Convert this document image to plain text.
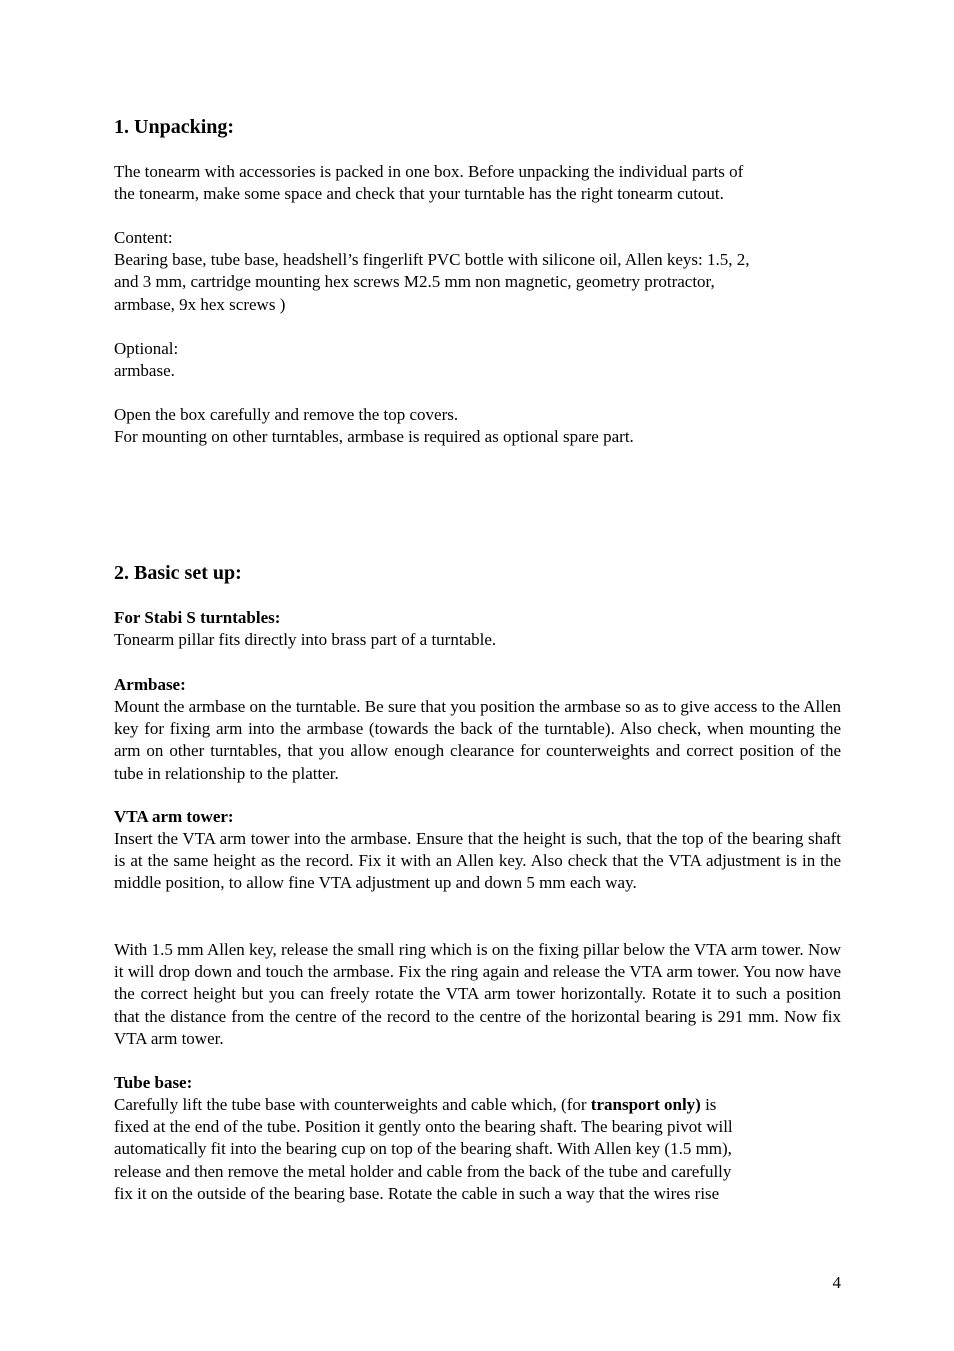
1. Unpacking:

The tonearm with accessories is packed in one box. Before unpacking the individual parts of
the tonearm, make some space and check that your turntable has the right tonearm cutout.

Content:
Bearing base, tube base, headshell’s fingerlift PVC bottle with silicone oil, Allen keys: 1.5, 2,
and 3 mm, cartridge mounting hex screws M2.5 mm non magnetic, geometry protractor,
armbase, 9x hex screws )

Optional:
armbase.

Open the box carefully and remove the top covers.
For mounting on other turntables, armbase is required as optional spare part.

2. Basic set up:

For Stabi S turntables:
Tonearm pillar fits directly into brass part of a turntable.

Armbase:

Mount the armbase on the turntable. Be sure that you position the armbase so as to give access to the Allen key for fixing arm into the armbase (towards the back of the turntable). Also check, when mounting the arm on other turntables, that you allow enough clearance for counterweights and correct position of the tube in relationship to the platter.

VTA arm tower:

Insert the VTA arm tower into the armbase. Ensure that the height is such, that the top of the bearing shaft is at the same height as the record. Fix it with an Allen key. Also check that the VTA adjustment is in the middle position, to allow fine VTA adjustment up and down 5 mm each way.

With 1.5 mm Allen key, release the small ring which is on the fixing pillar below the VTA arm tower. Now it will drop down and touch the armbase. Fix the ring again and release the VTA arm tower. You now have the correct height but you can freely rotate the VTA arm tower horizontally. Rotate it to such a position that the distance from the centre of the record to the centre of the horizontal bearing is 291 mm. Now fix VTA arm tower.

Tube base:

Carefully lift the tube base with counterweights and cable which, (for transport only) is
fixed at the end of the tube. Position it gently onto the bearing shaft. The bearing pivot will
automatically fit into the bearing cup on top of the bearing shaft. With Allen key (1.5 mm),
release and then remove the metal holder and cable from the back of the tube and carefully
fix it on the outside of the bearing base. Rotate the cable in such a way that the wires rise

4
